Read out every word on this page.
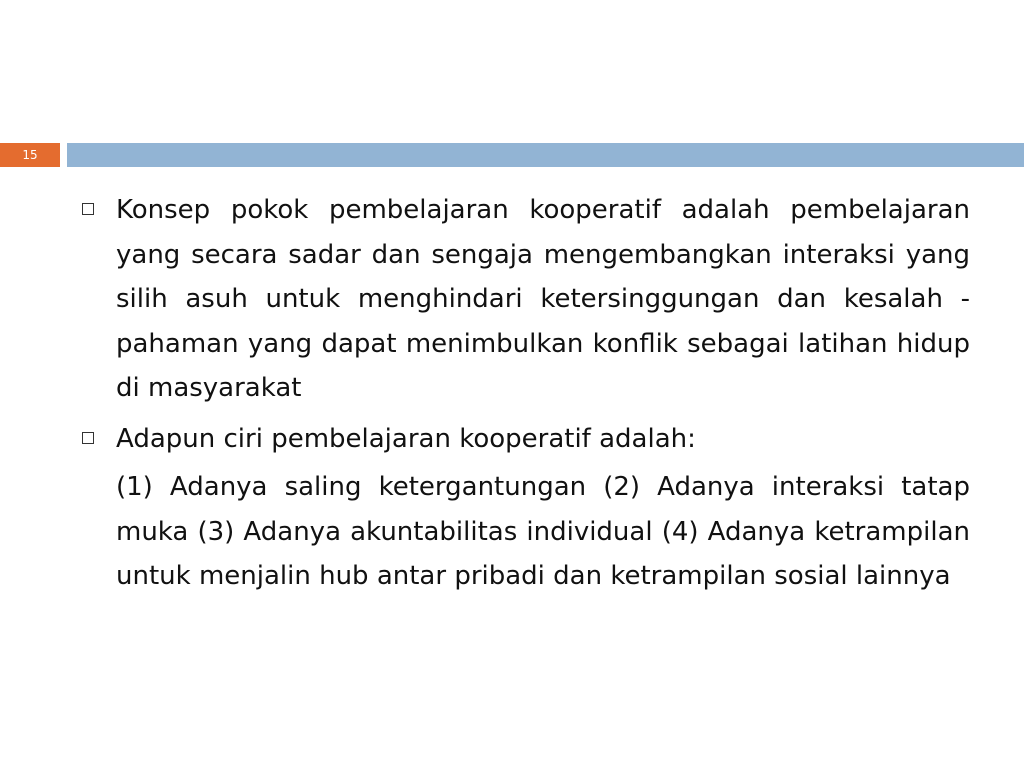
15

Konsep pokok pembelajaran kooperatif adalah pembelajaran yang secara sadar dan sengaja mengembangkan interaksi yang silih asuh untuk menghindari ketersinggungan dan kesalah -pahaman yang dapat menimbulkan konflik sebagai latihan hidup di masyarakat

Adapun ciri pembelajaran kooperatif adalah:

(1) Adanya saling ketergantungan (2) Adanya interaksi tatap muka (3) Adanya akuntabilitas individual (4) Adanya ketrampilan untuk menjalin hub antar pribadi dan ketrampilan sosial lainnya
